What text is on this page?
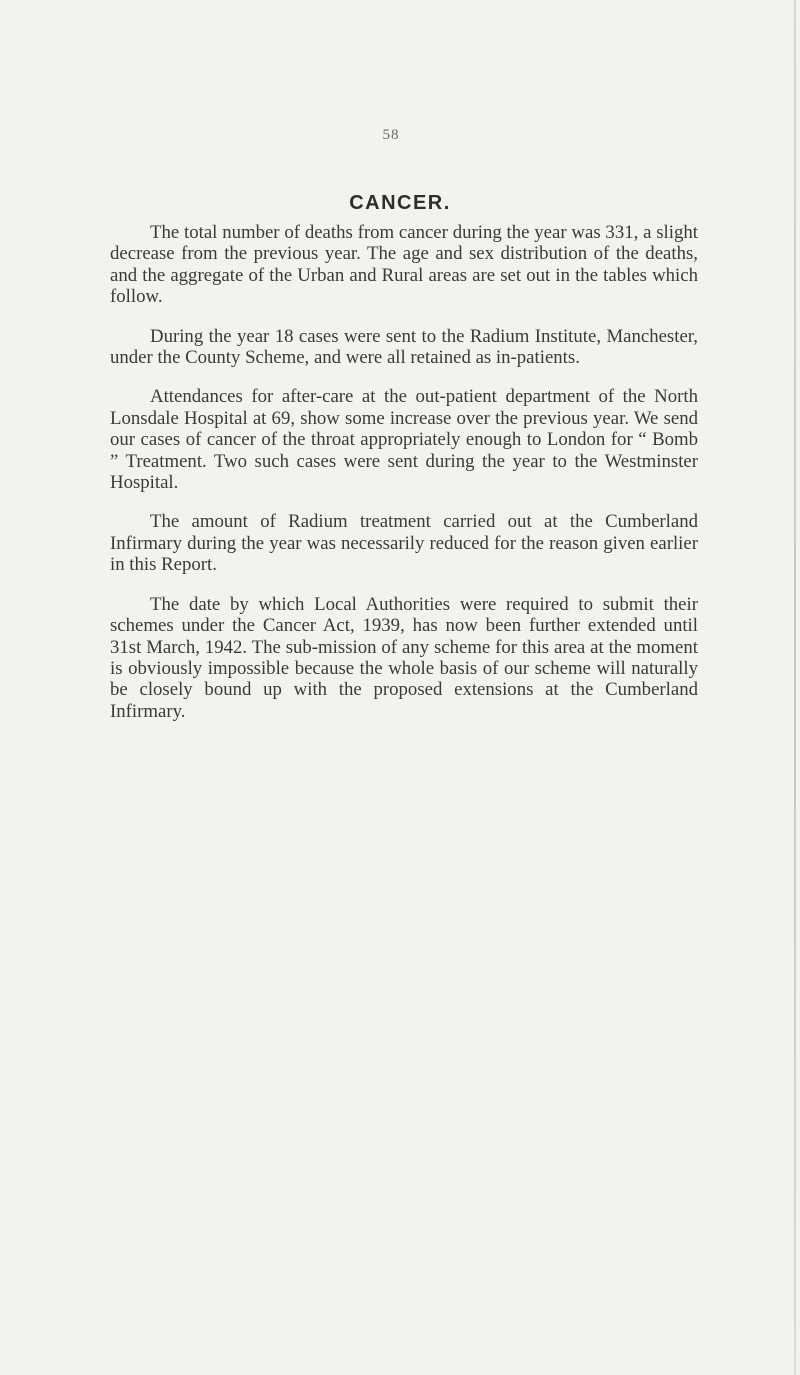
58
CANCER.

The total number of deaths from cancer during the year was 331, a slight decrease from the previous year. The age and sex distribution of the deaths, and the aggregate of the Urban and Rural areas are set out in the tables which follow.

During the year 18 cases were sent to the Radium Institute, Manchester, under the County Scheme, and were all retained as in-patients.

Attendances for after-care at the out-patient department of the North Lonsdale Hospital at 69, show some increase over the previous year. We send our cases of cancer of the throat appropriately enough to London for “ Bomb ” Treatment. Two such cases were sent during the year to the Westminster Hospital.

The amount of Radium treatment carried out at the Cumberland Infirmary during the year was necessarily reduced for the reason given earlier in this Report.

The date by which Local Authorities were required to submit their schemes under the Cancer Act, 1939, has now been further extended until 31st March, 1942. The sub-mission of any scheme for this area at the moment is obviously impossible because the whole basis of our scheme will naturally be closely bound up with the proposed extensions at the Cumberland Infirmary.
